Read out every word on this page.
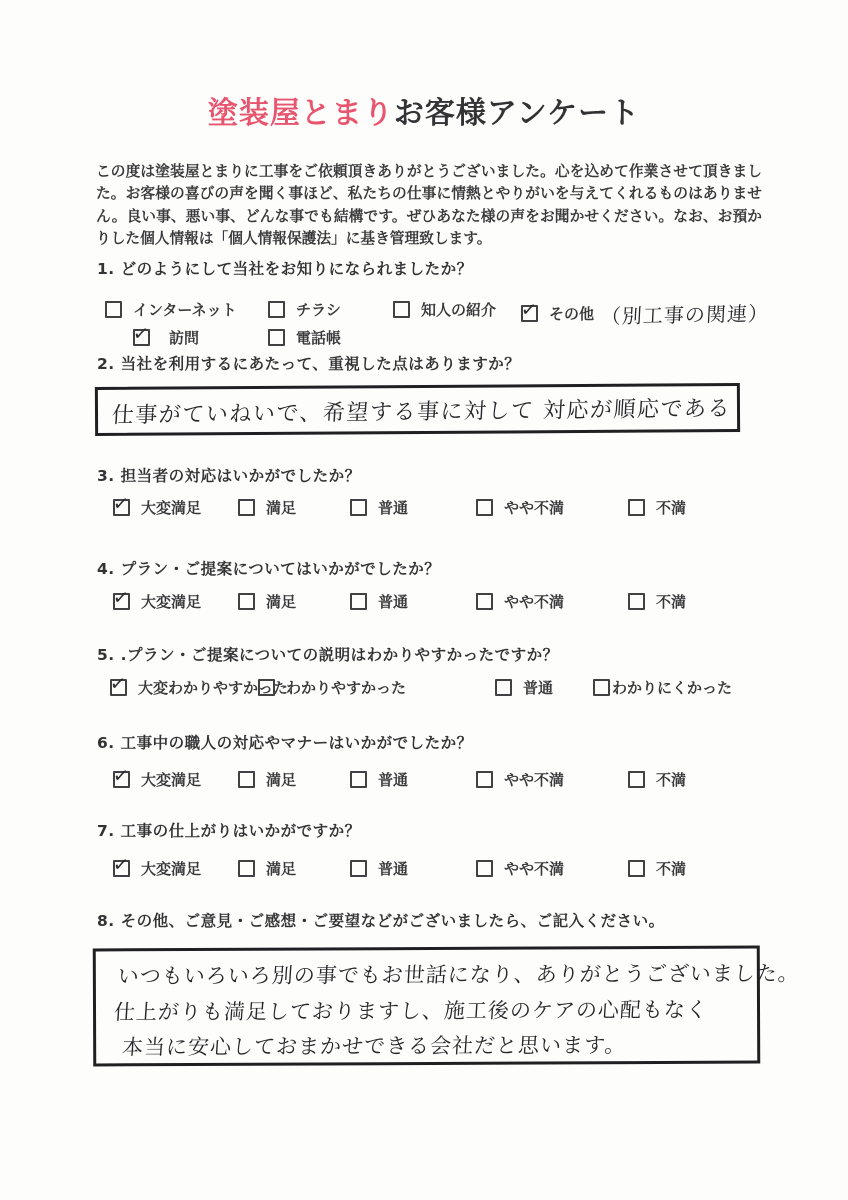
塗装屋とまりお客様アンケート

この度は塗装屋とまりに工事をご依頼頂きありがとうございました。心を込めて作業させて頂きました。お客様の喜びの声を聞く事ほど、私たちの仕事に情熱とやりがいを与えてくれるものはありません。良い事、悪い事、どんな事でも結構です。ぜひあなた様の声をお聞かせください。なお、お預かりした個人情報は「個人情報保護法」に基き管理致します。

1. どのようにして当社をお知りになられましたか？
インターネット	チラシ	知人の紹介 ✓	その他 （別工事の関連）
✓
訪問	電話帳
2. 当社を利用するにあたって、重視した点はありますか？
仕事がていねいで、希望する事に対して 対応が順応である
3. 担当者の対応はいかがでしたか？
✓
大変満足	満足	普通	やや不満	不満
4. プラン・ご提案についてはいかがでしたか？
✓
大変満足	満足	普通	やや不満	不満
5. .プラン・ご提案についての説明はわかりやすかったですか？
✓
大変わかりやすかった
わかりやすかった	普通	わかりにくかった
6. 工事中の職人の対応やマナーはいかがでしたか？
✓
大変満足	満足	普通	やや不満	不満
7. 工事の仕上がりはいかがですか？
✓
大変満足	満足	普通	やや不満	不満
8. その他、ご意見・ご感想・ご要望などがございましたら、ご記入ください。
いつもいろいろ別の事でもお世話になり、ありがとうございました。
仕上がりも満足しておりますし、施工後のケアの心配もなく
本当に安心しておまかせできる会社だと思います。
